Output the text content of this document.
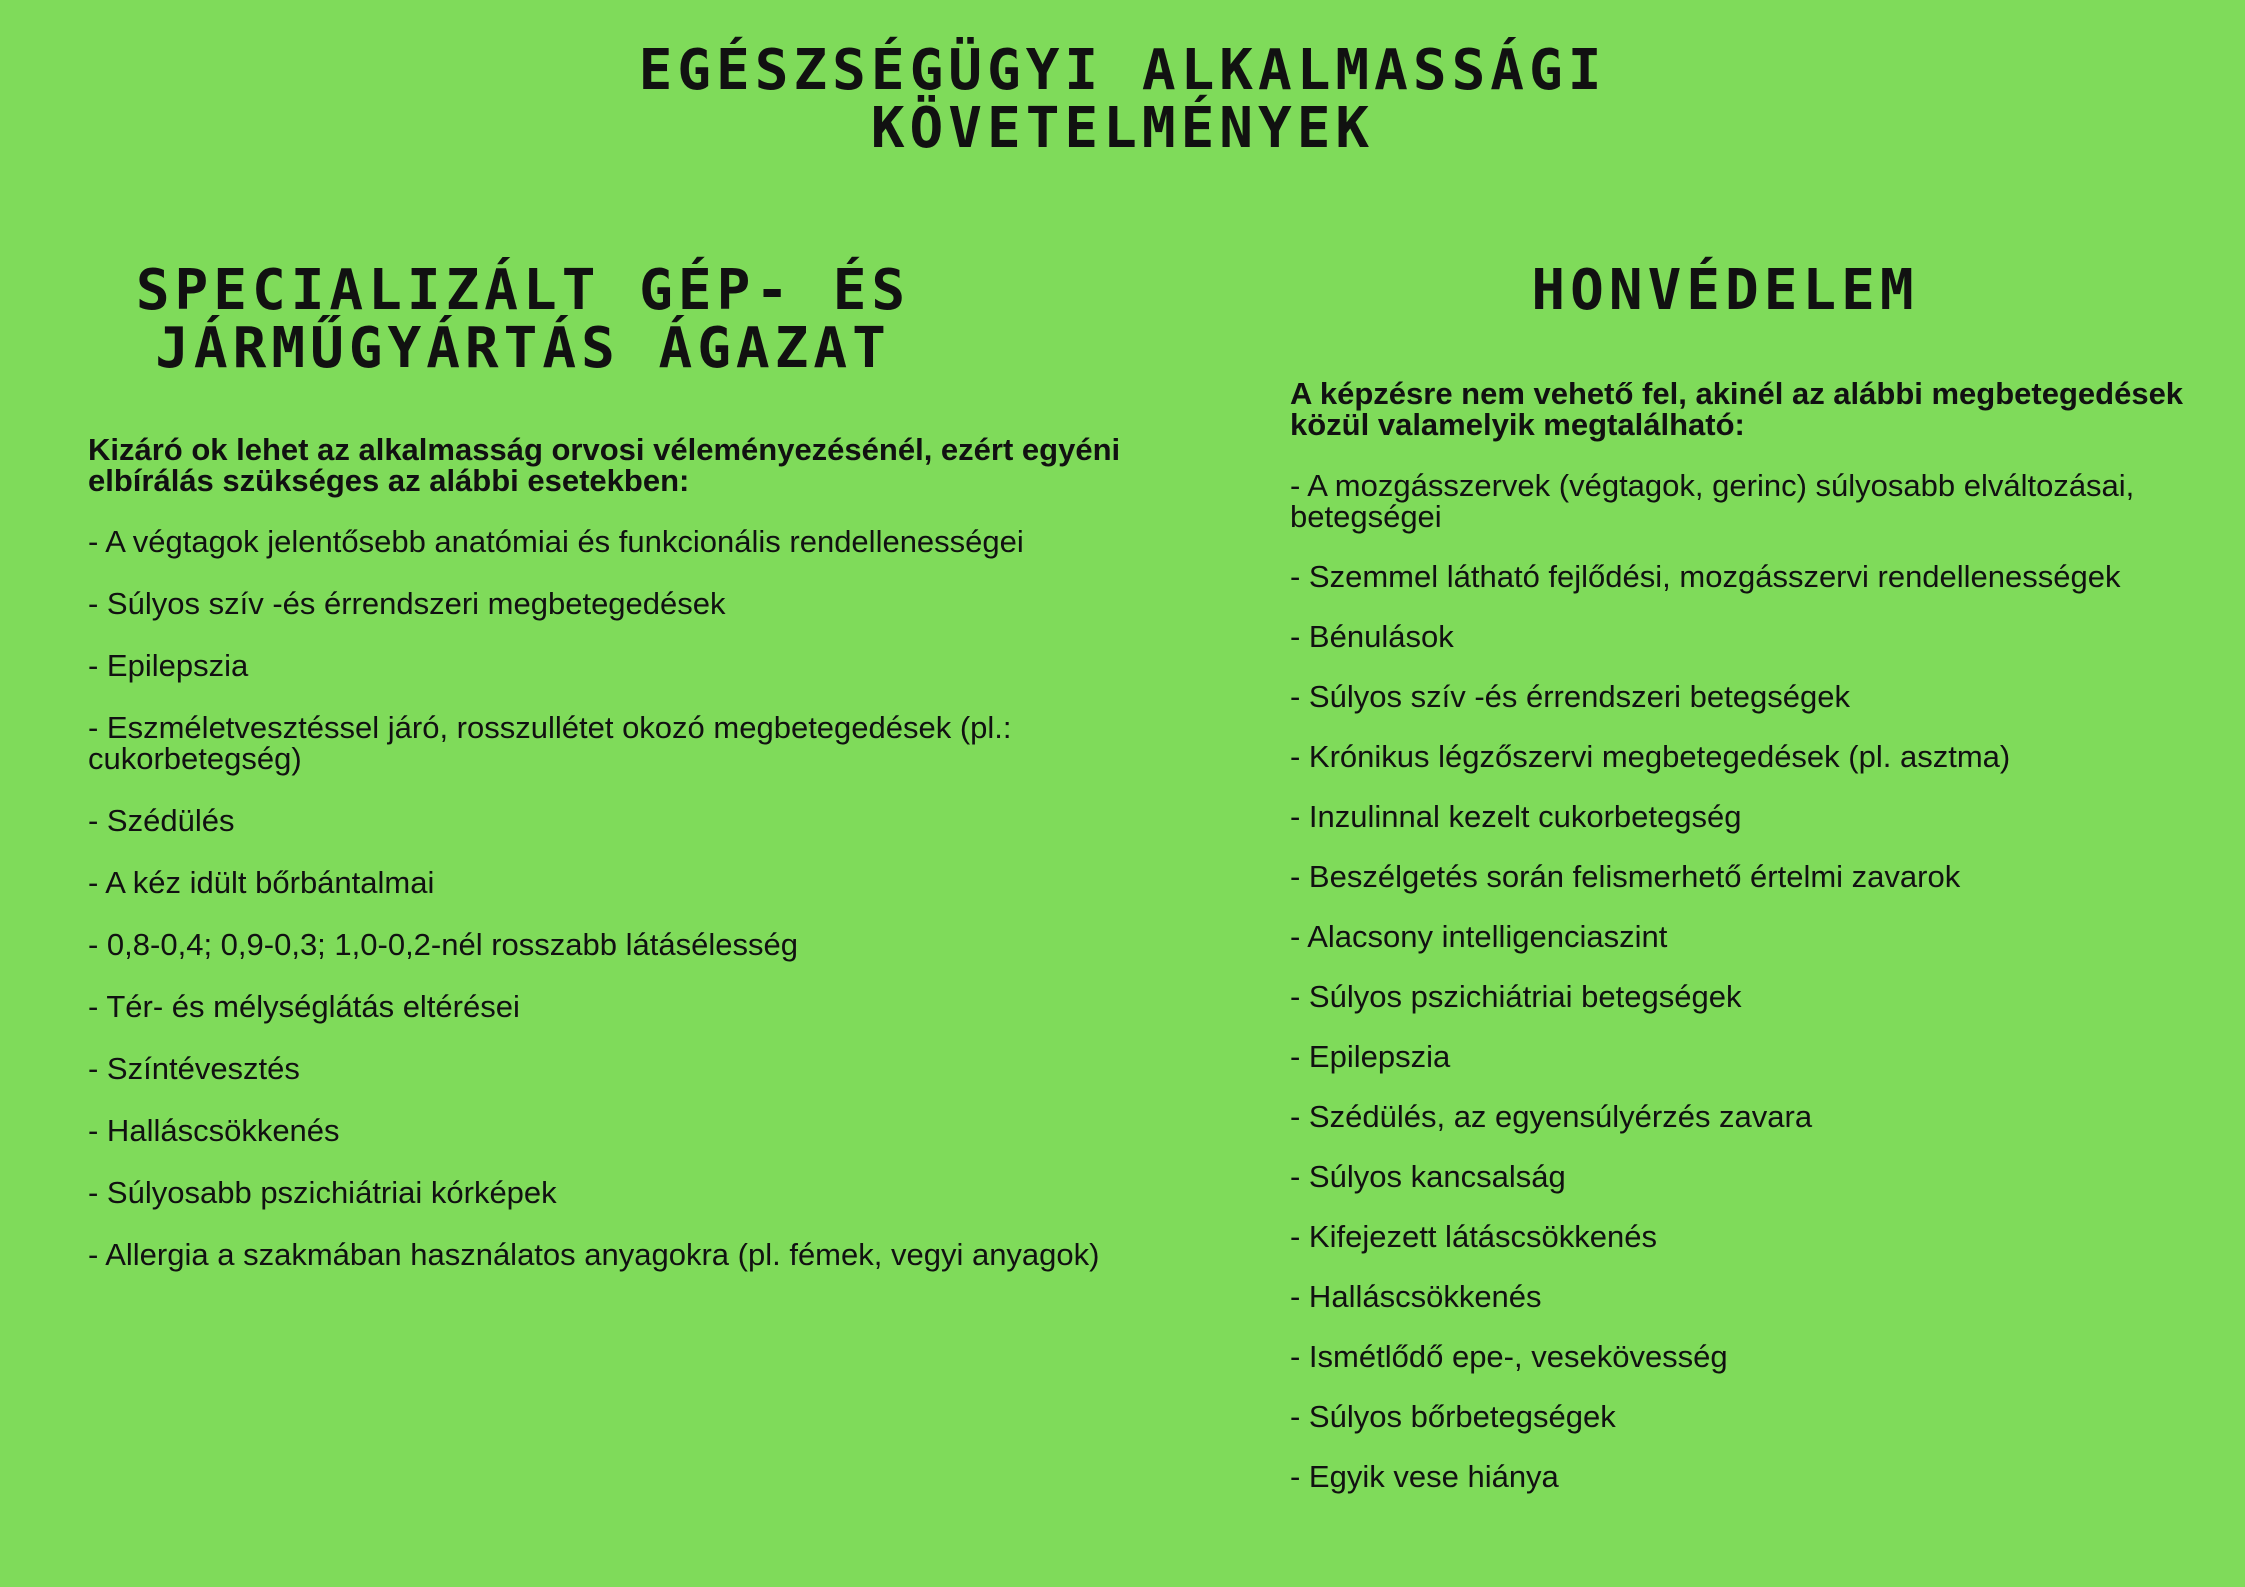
EGÉSZSÉGÜGYI ALKALMASSÁGI
KÖVETELMÉNYEK
SPECIALIZÁLT GÉP- ÉS
JÁRMŰGYÁRTÁS ÁGAZAT

Kizáró ok lehet az alkalmasság orvosi véleményezésénél, ezért egyéni elbírálás szükséges az alábbi esetekben:

- A végtagok jelentősebb anatómiai és funkcionális rendellenességei
- Súlyos szív -és érrendszeri megbetegedések
- Epilepszia
- Eszméletvesztéssel járó, rosszullétet okozó megbetegedések (pl.: cukorbetegség)
- Szédülés
- A kéz idült bőrbántalmai
- 0,8-0,4; 0,9-0,3; 1,0-0,2-nél rosszabb látásélesség
- Tér- és mélységlátás eltérései
- Színtévesztés
- Halláscsökkenés
- Súlyosabb pszichiátriai kórképek
- Allergia a szakmában használatos anyagokra (pl. fémek, vegyi anyagok)
HONVÉDELEM

A képzésre nem vehető fel, akinél az alábbi megbetegedések közül valamelyik megtalálható:

- A mozgásszervek (végtagok, gerinc) súlyosabb elváltozásai, betegségei
- Szemmel látható fejlődési, mozgásszervi rendellenességek
- Bénulások
- Súlyos szív -és érrendszeri betegségek
- Krónikus légzőszervi megbetegedések (pl. asztma)
- Inzulinnal kezelt cukorbetegség
- Beszélgetés során felismerhető értelmi zavarok
- Alacsony intelligenciaszint
- Súlyos pszichiátriai betegségek
- Epilepszia
- Szédülés, az egyensúlyérzés zavara
- Súlyos kancsalság
- Kifejezett látáscsökkenés
- Halláscsökkenés
- Ismétlődő epe-, vesekövesség
- Súlyos bőrbetegségek
- Egyik vese hiánya
